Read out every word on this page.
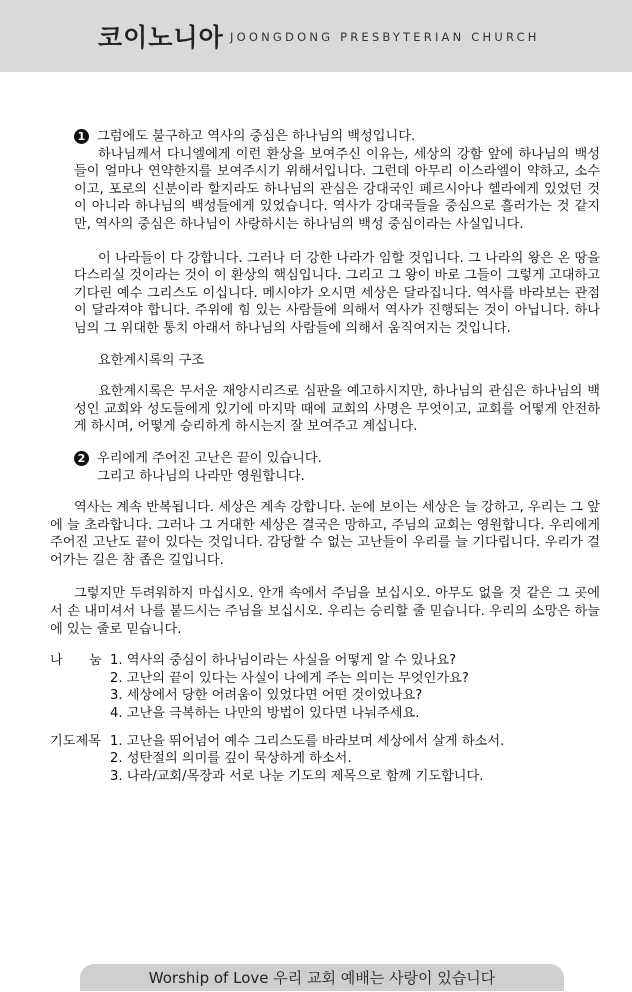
코이노니아 JOONGDONG PRESBYTERIAN CHURCH
1 그럼에도 불구하고 역사의 중심은 하나님의 백성입니다.

하나님께서 다니엘에게 이런 환상을 보여주신 이유는, 세상의 강함 앞에 하나님의 백성들이 얼마나 연약한지를 보여주시기 위해서입니다. 그런데 아무리 이스라엘이 약하고, 소수이고, 포로의 신분이라 할지라도 하나님의 관심은 강대국인 페르시아나 헬라에게 있었던 것이 아니라 하나님의 백성들에게 있었습니다. 역사가 강대국들을 중심으로 흘러가는 것 같지만, 역사의 중심은 하나님이 사랑하시는 하나님의 백성 중심이라는 사실입니다.

이 나라들이 다 강합니다. 그러나 더 강한 나라가 임할 것입니다. 그 나라의 왕은 온 땅을 다스리실 것이라는 것이 이 환상의 핵심입니다. 그리고 그 왕이 바로 그들이 그렇게 고대하고 기다린 예수 그리스도 이십니다. 메시야가 오시면 세상은 달라집니다. 역사를 바라보는 관점이 달라져야 합니다. 주위에 힘 있는 사람들에 의해서 역사가 진행되는 것이 아닙니다. 하나님의 그 위대한 통치 아래서 하나님의 사람들에 의해서 움직여지는 것입니다.

요한계시록의 구조

요한계시록은 무서운 재앙시리즈로 심판을 예고하시지만, 하나님의 관심은 하나님의 백성인 교회와 성도들에게 있기에 마지막 때에 교회의 사명은 무엇이고, 교회를 어떻게 안전하게 하시며, 어떻게 승리하게 하시는지 잘 보여주고 계십니다.

2 우리에게 주어진 고난은 끝이 있습니다.
그리고 하나님의 나라만 영원합니다.

역사는 계속 반복됩니다. 세상은 계속 강합니다. 눈에 보이는 세상은 늘 강하고, 우리는 그 앞에 늘 초라합니다. 그러나 그 거대한 세상은 결국은 망하고, 주님의 교회는 영원합니다. 우리에게 주어진 고난도 끝이 있다는 것입니다. 감당할 수 없는 고난들이 우리를 늘 기다립니다. 우리가 걸어가는 길은 참 좁은 길입니다.

그렇지만 두려워하지 마십시오. 안개 속에서 주님을 보십시오. 아무도 없을 것 같은 그 곳에서 손 내미셔서 나를 붙드시는 주님을 보십시오. 우리는 승리할 줄 믿습니다. 우리의 소망은 하늘에 있는 줄로 믿습니다.

나　　눔 1. 역사의 중심이 하나님이라는 사실을 어떻게 알 수 있나요?
2. 고난의 끝이 있다는 사실이 나에게 주는 의미는 무엇인가요?
3. 세상에서 당한 어려움이 있었다면 어떤 것이었나요?
4. 고난을 극복하는 나만의 방법이 있다면 나눠주세요.
기도제목 1. 고난을 뛰어넘어 예수 그리스도를 바라보며 세상에서 살게 하소서.
2. 성탄절의 의미를 깊이 묵상하게 하소서.
3. 나라/교회/목장과 서로 나눈 기도의 제목으로 함께 기도합니다.
Worship of Love 우리 교회 예배는 사랑이 있습니다
